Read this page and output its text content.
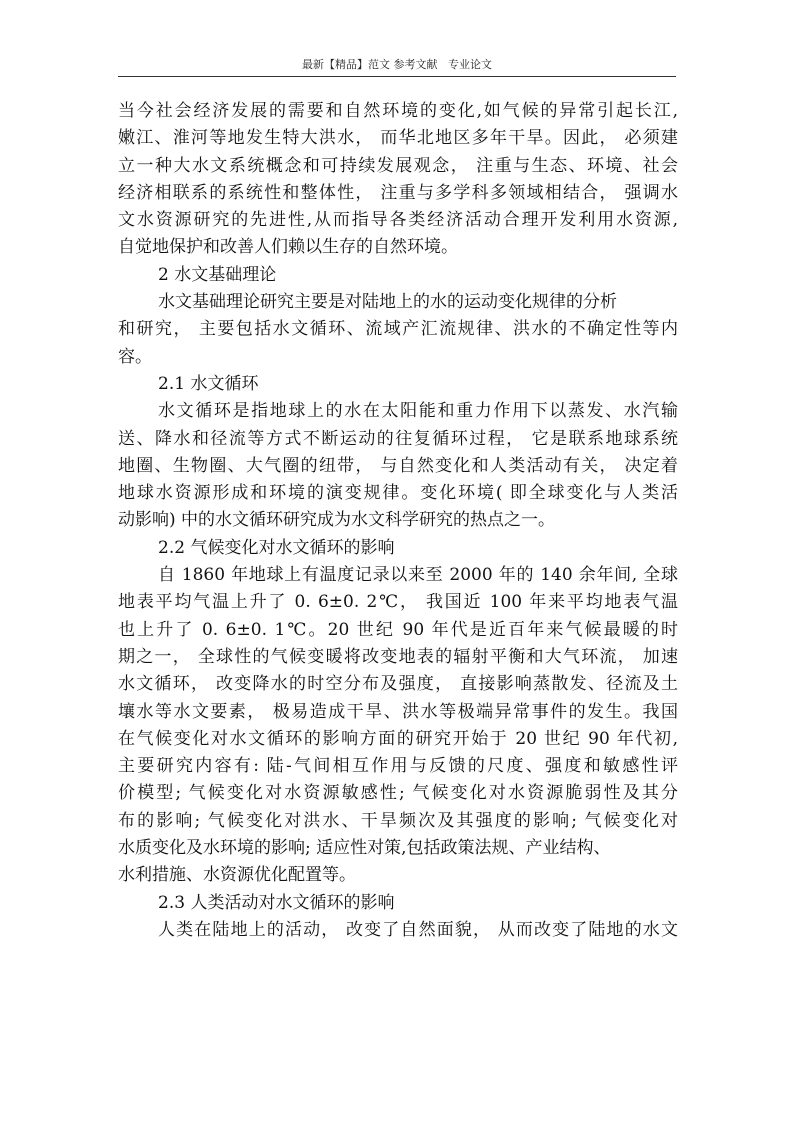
最新【精品】范文 参考文献   专业论文
当今社会经济发展的需要和自然环境的变化,如气候的异常引起长江,
嫩江、淮河等地发生特大洪水， 而华北地区多年干旱。因此， 必须建
立一种大水文系统概念和可持续发展观念， 注重与生态、环境、社会
经济相联系的系统性和整体性， 注重与多学科多领域相结合， 强调水
文水资源研究的先进性,从而指导各类经济活动合理开发利用水资源,
自觉地保护和改善人们赖以生存的自然环境。
2 水文基础理论
水文基础理论研究主要是对陆地上的水的运动变化规律的分析
和研究， 主要包括水文循环、流域产汇流规律、洪水的不确定性等内
容。
2.1 水文循环
水文循环是指地球上的水在太阳能和重力作用下以蒸发、水汽输
送、降水和径流等方式不断运动的往复循环过程， 它是联系地球系统
地圈、生物圈、大气圈的纽带， 与自然变化和人类活动有关， 决定着
地球水资源形成和环境的演变规律。变化环境( 即全球变化与人类活
动影响) 中的水文循环研究成为水文科学研究的热点之一。
2.2 气候变化对水文循环的影响
自 1860 年地球上有温度记录以来至 2000 年的 140 余年间, 全球
地表平均气温上升了 0. 6±0. 2℃， 我国近 100 年来平均地表气温
也上升了 0. 6±0. 1℃。20 世纪 90 年代是近百年来气候最暖的时
期之一， 全球性的气候变暖将改变地表的辐射平衡和大气环流， 加速
水文循环， 改变降水的时空分布及强度， 直接影响蒸散发、径流及土
壤水等水文要素， 极易造成干旱、洪水等极端异常事件的发生。我国
在气候变化对水文循环的影响方面的研究开始于 20 世纪 90 年代初,
主要研究内容有: 陆-气间相互作用与反馈的尺度、强度和敏感性评
价模型; 气候变化对水资源敏感性; 气候变化对水资源脆弱性及其分
布的影响; 气候变化对洪水、干旱频次及其强度的影响; 气候变化对
水质变化及水环境的影响; 适应性对策,包括政策法规、产业结构、
水利措施、水资源优化配置等。
2.3 人类活动对水文循环的影响
人类在陆地上的活动， 改变了自然面貌， 从而改变了陆地的水文
